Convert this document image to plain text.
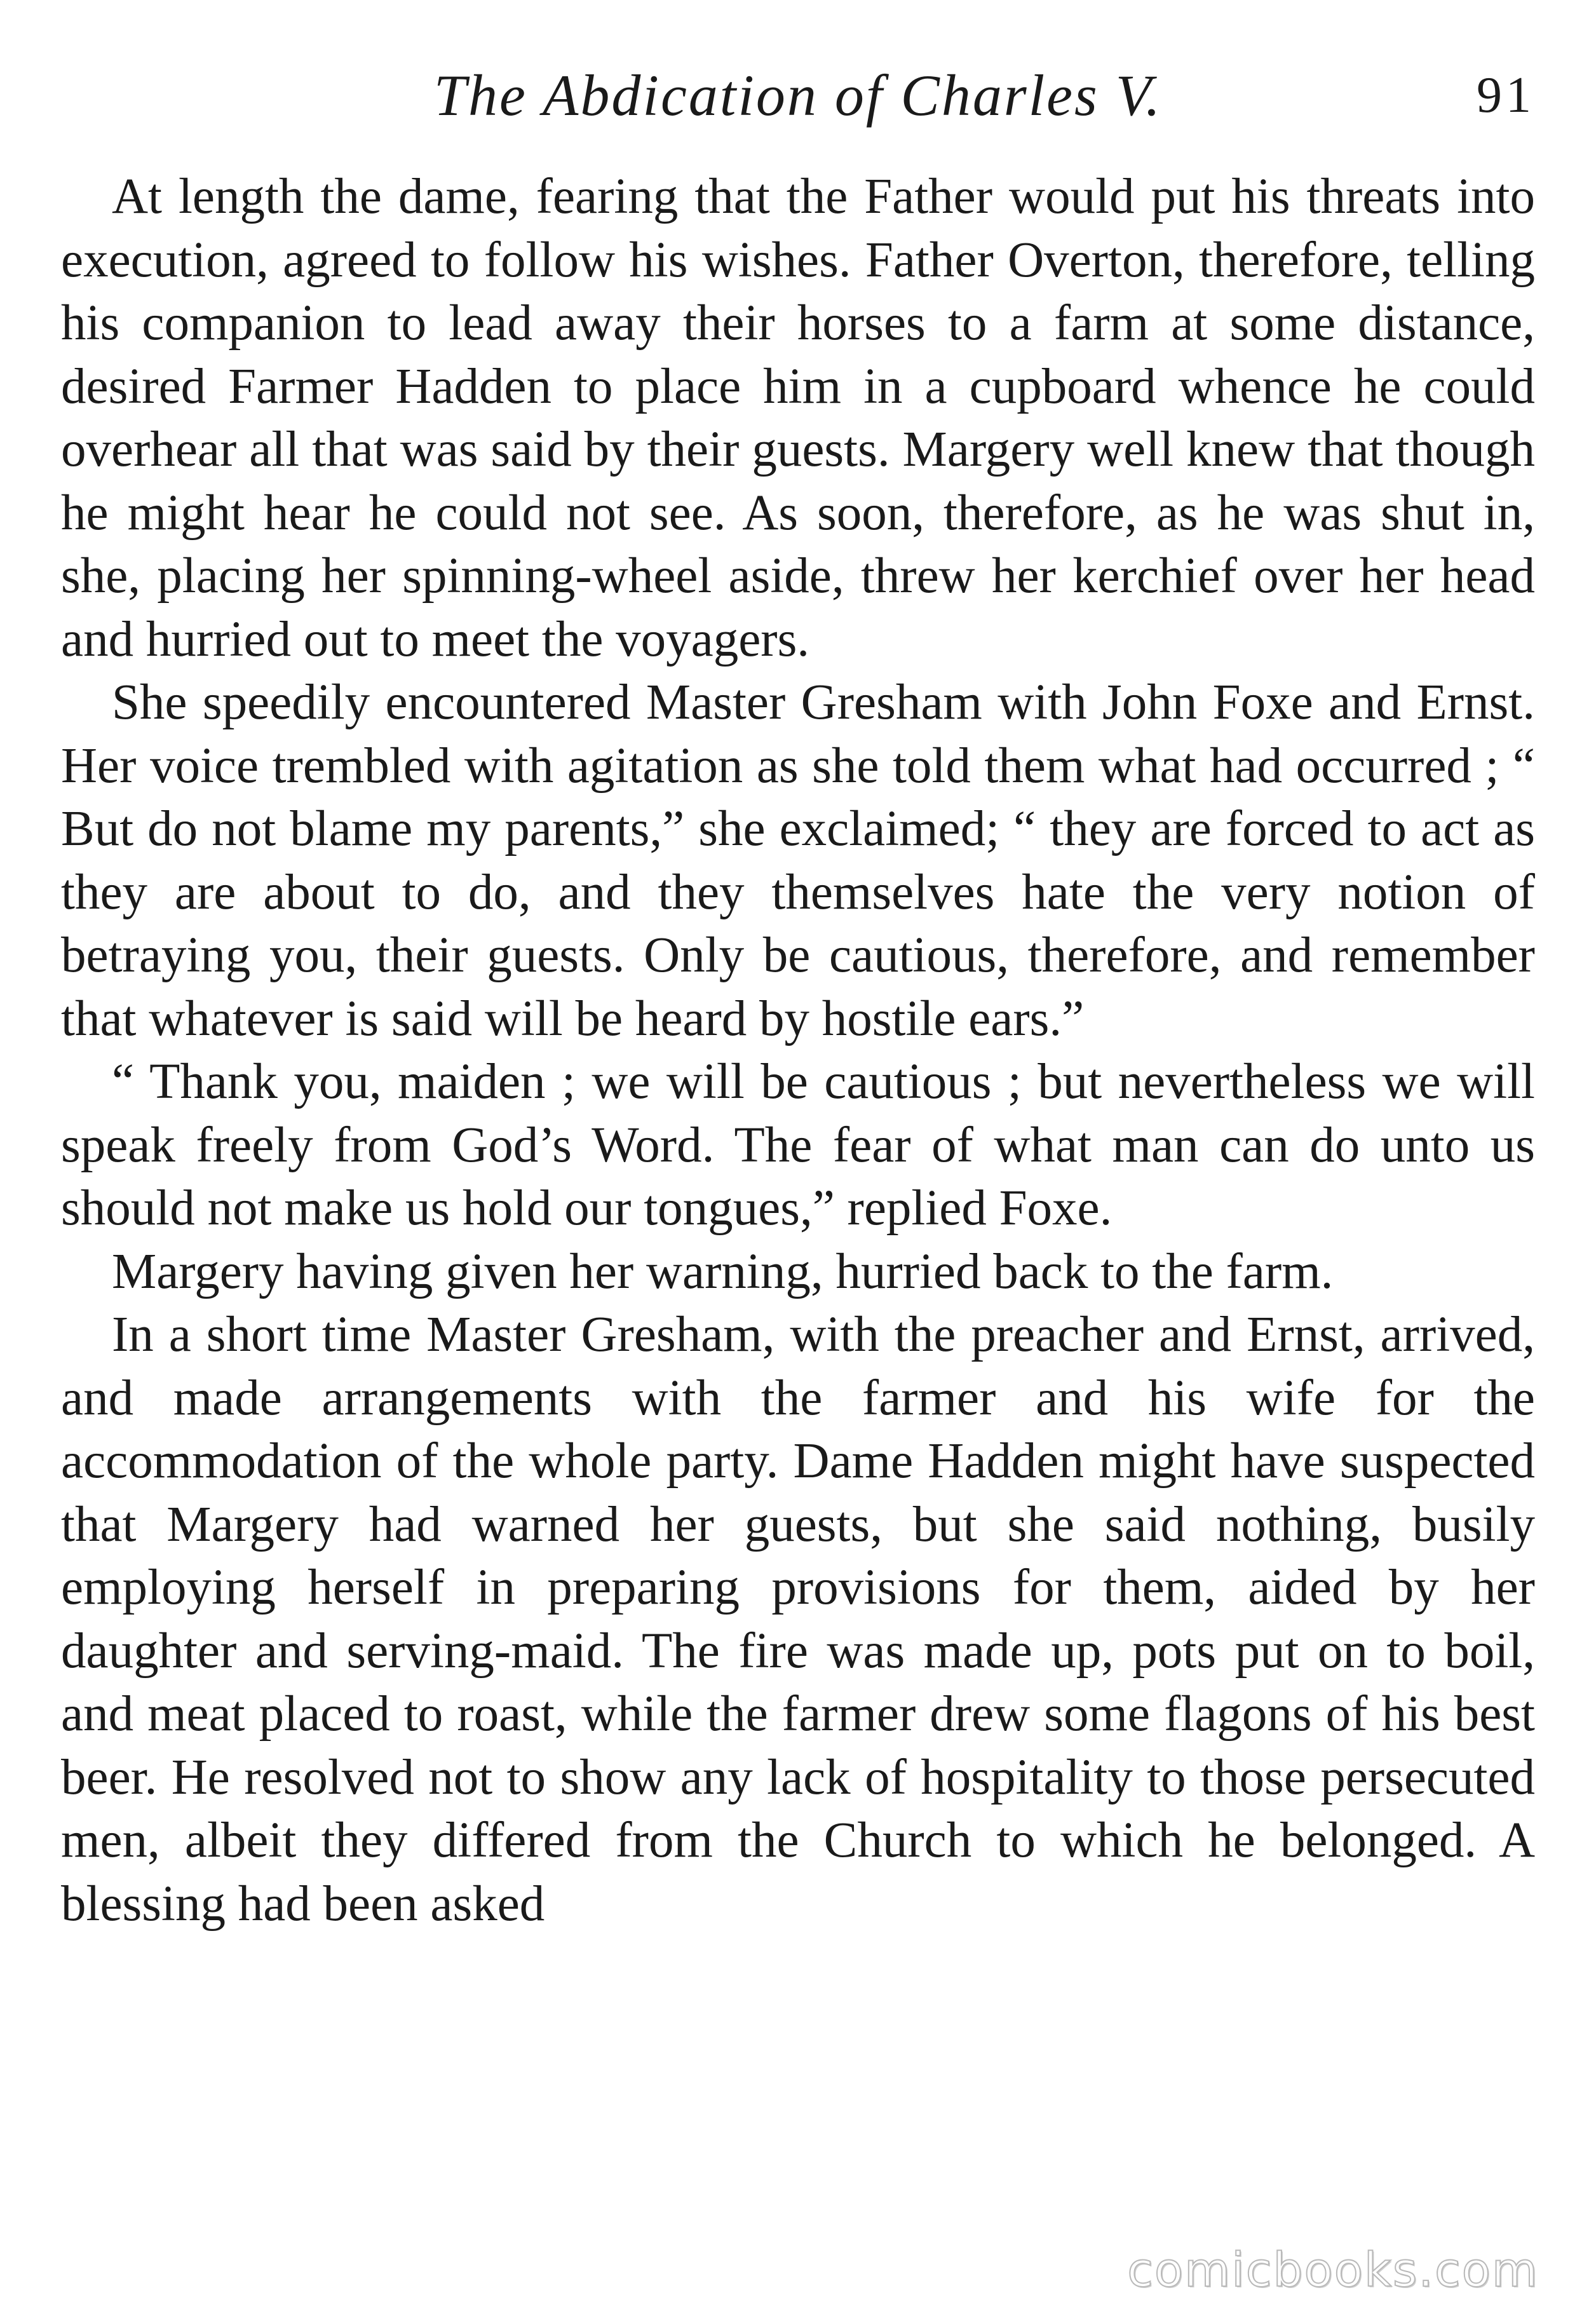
The Abdication of Charles V.	91

At length the dame, fearing that the Father would put his threats into execution, agreed to follow his wishes. Father Overton, therefore, telling his companion to lead away their horses to a farm at some distance, desired Farmer Hadden to place him in a cupboard whence he could overhear all that was said by their guests. Margery well knew that though he might hear he could not see. As soon, therefore, as he was shut in, she, placing her spinning-wheel aside, threw her kerchief over her head and hurried out to meet the voyagers.

She speedily encountered Master Gresham with John Foxe and Ernst. Her voice trembled with agitation as she told them what had occurred ; “ But do not blame my parents,” she exclaimed; “ they are forced to act as they are about to do, and they themselves hate the very notion of betraying you, their guests. Only be cautious, therefore, and remember that whatever is said will be heard by hostile ears.”

“ Thank you, maiden ; we will be cautious ; but nevertheless we will speak freely from God’s Word. The fear of what man can do unto us should not make us hold our tongues,” replied Foxe.

Margery having given her warning, hurried back to the farm.

In a short time Master Gresham, with the preacher and Ernst, arrived, and made arrangements with the farmer and his wife for the accommodation of the whole party. Dame Hadden might have suspected that Margery had warned her guests, but she said nothing, busily employing herself in preparing provisions for them, aided by her daughter and serving-maid. The fire was made up, pots put on to boil, and meat placed to roast, while the farmer drew some flagons of his best beer. He resolved not to show any lack of hospitality to those persecuted men, albeit they differed from the Church to which he belonged. A blessing had been asked

comicbooks.com
